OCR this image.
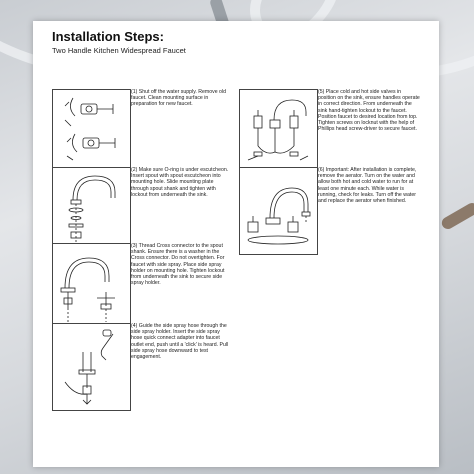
Installation Steps:
Two Handle Kitchen Widespread Faucet
(1) Shut off the water supply. Remove old faucet. Clean mounting surface in preparation for new faucet.
(2) Make sure O-ring is under escutcheon. Insert spout with spout escutcheon into mounting hole. Slide mounting plate through spout shank and tighten with lockout from underneath the sink.
(3) Thread Cross connector to the spout shank. Ensure there is a washer in the Cross connector. Do not overtighten. For faucet with side spray. Place side spray holder on mounting hole. Tighten lockout from underneath the sink to secure side spray holder.
(4) Guide the side spray hose through the side spray holder. Insert the side spray hose quick connect adapter into faucet outlet end, push until a 'click' is heard. Pull side spray hose downward to test engagement.
(5) Place cold and hot side valves in position on the sink, ensure handles operate in correct direction. From underneath the sink hand-tighten lockout to the faucet. Position faucet to desired location from top. Tighten screws on locknut with the help of Phillips head screw-driver to secure faucet.
(6) Important: After installation is complete, remove the aerator. Turn on the water and allow both hot and cold water to run for at least one minute each. While water is running, check for leaks. Turn off the water and replace the aerator when finished.
